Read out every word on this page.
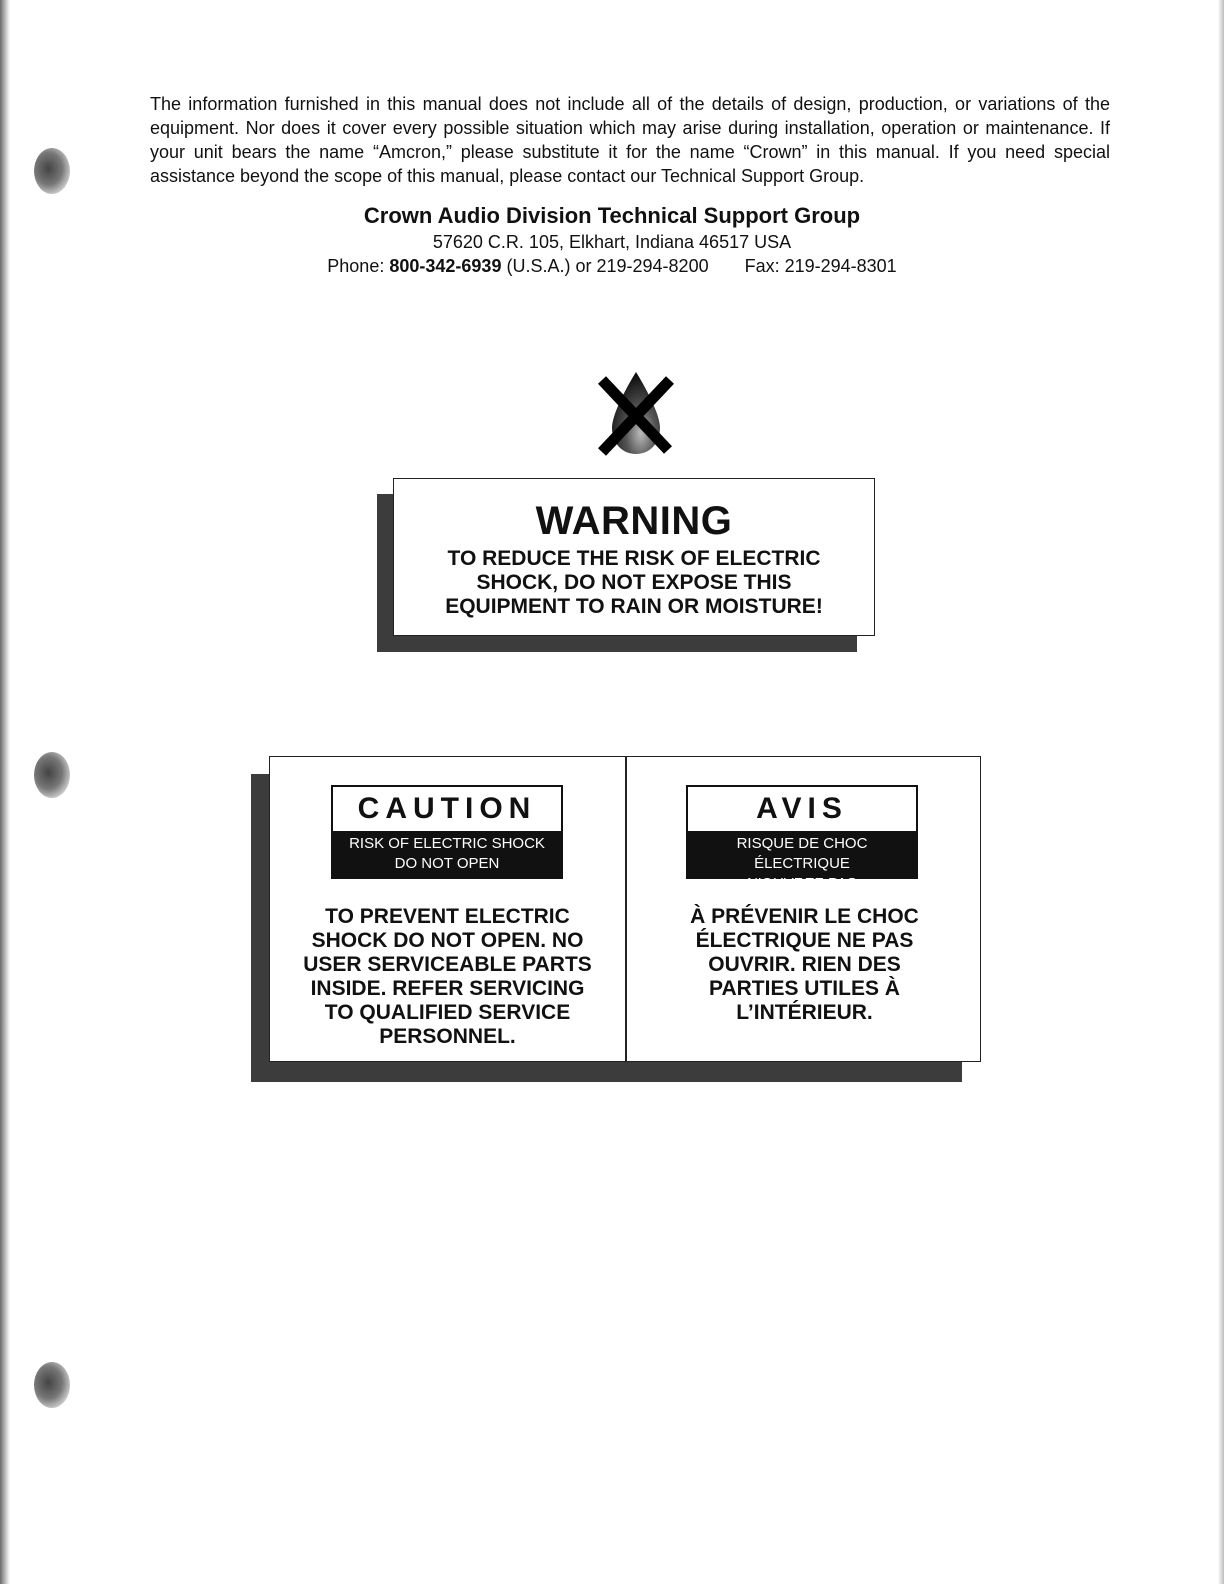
The information furnished in this manual does not include all of the details of design, production, or variations of the equipment. Nor does it cover every possible situation which may arise during installation, operation or maintenance. If your unit bears the name “Amcron,” please substitute it for the name “Crown” in this manual. If you need special assistance beyond the scope of this manual, please contact our Technical Support Group.

Crown Audio Division Technical Support Group

57620 C.R. 105, Elkhart, Indiana 46517 USA

Phone: 800-342-6939 (U.S.A.) or 219-294-8200 Fax: 219-294-8301

WARNING
TO REDUCE THE RISK OF ELECTRIC
SHOCK, DO NOT EXPOSE THIS
EQUIPMENT TO RAIN OR MOISTURE!
CAUTION
RISK OF ELECTRIC SHOCK
DO NOT OPEN
TO PREVENT ELECTRIC
SHOCK DO NOT OPEN. NO
USER SERVICEABLE PARTS
INSIDE. REFER SERVICING
TO QUALIFIED SERVICE
PERSONNEL.
AVIS
RISQUE DE CHOC ÉLECTRIQUE
N’OUVREZ PAS
À PRÉVENIR LE CHOC
ÉLECTRIQUE NE PAS
OUVRIR. RIEN DES
PARTIES UTILES À
L’INTÉRIEUR.
